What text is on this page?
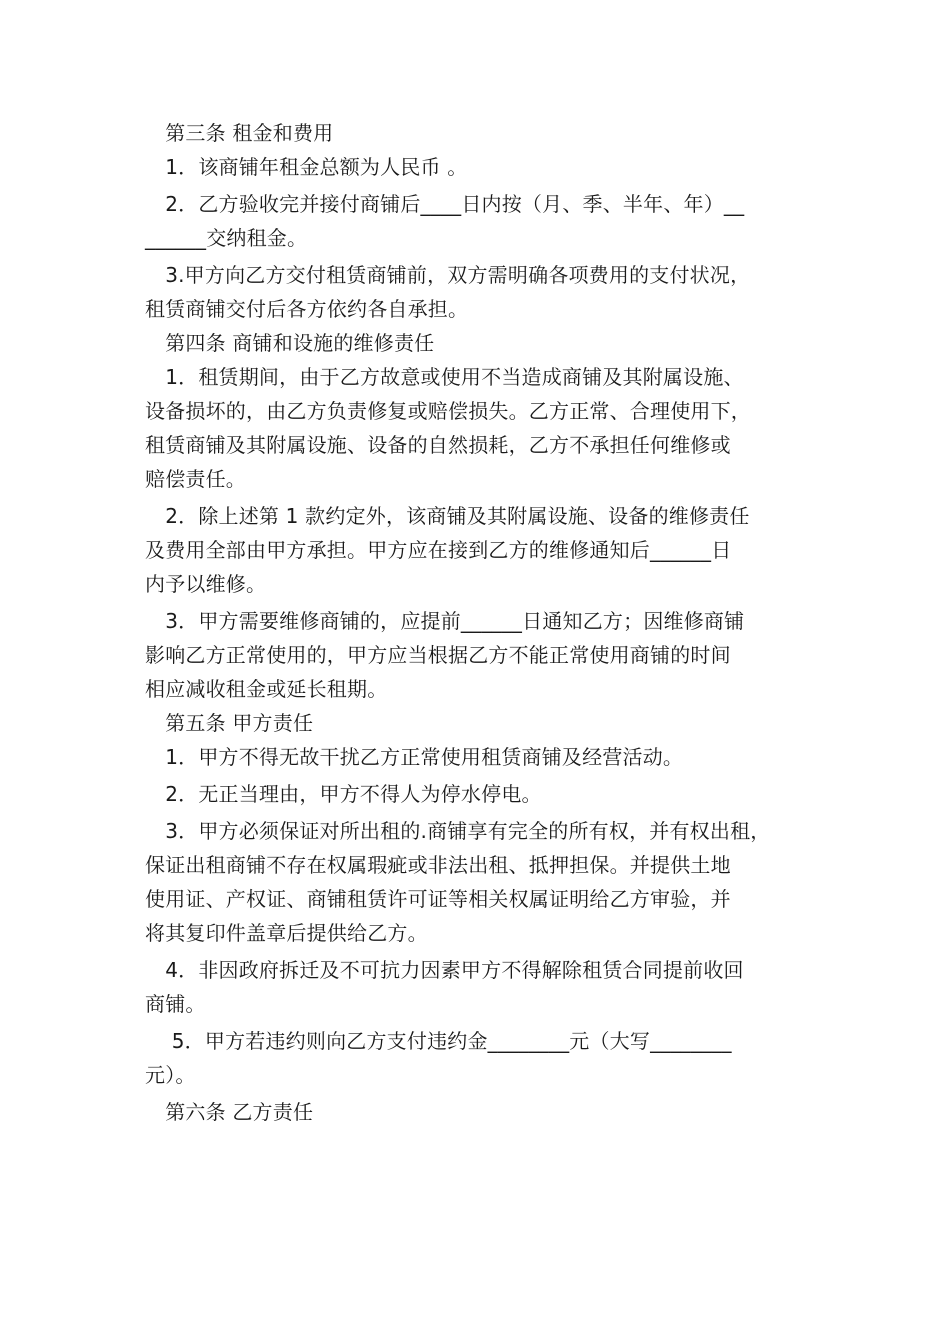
　第三条 租金和费用
　1．该商铺年租金总额为人民币 。
　2．乙方验收完并接付商铺后____日内按（月、季、半年、年）__
______交纳租金。
　3.甲方向乙方交付租赁商铺前，双方需明确各项费用的支付状况，
租赁商铺交付后各方依约各自承担。
　第四条 商铺和设施的维修责任
　1．租赁期间，由于乙方故意或使用不当造成商铺及其附属设施、
设备损坏的，由乙方负责修复或赔偿损失。乙方正常、合理使用下，
租赁商铺及其附属设施、设备的自然损耗，乙方不承担任何维修或
赔偿责任。
　2．除上述第 1 款约定外，该商铺及其附属设施、设备的维修责任
及费用全部由甲方承担。甲方应在接到乙方的维修通知后______日
内予以维修。
　3．甲方需要维修商铺的，应提前______日通知乙方；因维修商铺
影响乙方正常使用的，甲方应当根据乙方不能正常使用商铺的时间
相应减收租金或延长租期。
　第五条 甲方责任
　1．甲方不得无故干扰乙方正常使用租赁商铺及经营活动。
　2．无正当理由，甲方不得人为停水停电。
　3．甲方必须保证对所出租的.商铺享有完全的所有权，并有权出租，
保证出租商铺不存在权属瑕疵或非法出租、抵押担保。并提供土地
使用证、产权证、商铺租赁许可证等相关权属证明给乙方审验，并
将其复印件盖章后提供给乙方。
　4．非因政府拆迁及不可抗力因素甲方不得解除租赁合同提前收回
商铺。
　 5．甲方若违约则向乙方支付违约金________元（大写________
元）。
　第六条 乙方责任
